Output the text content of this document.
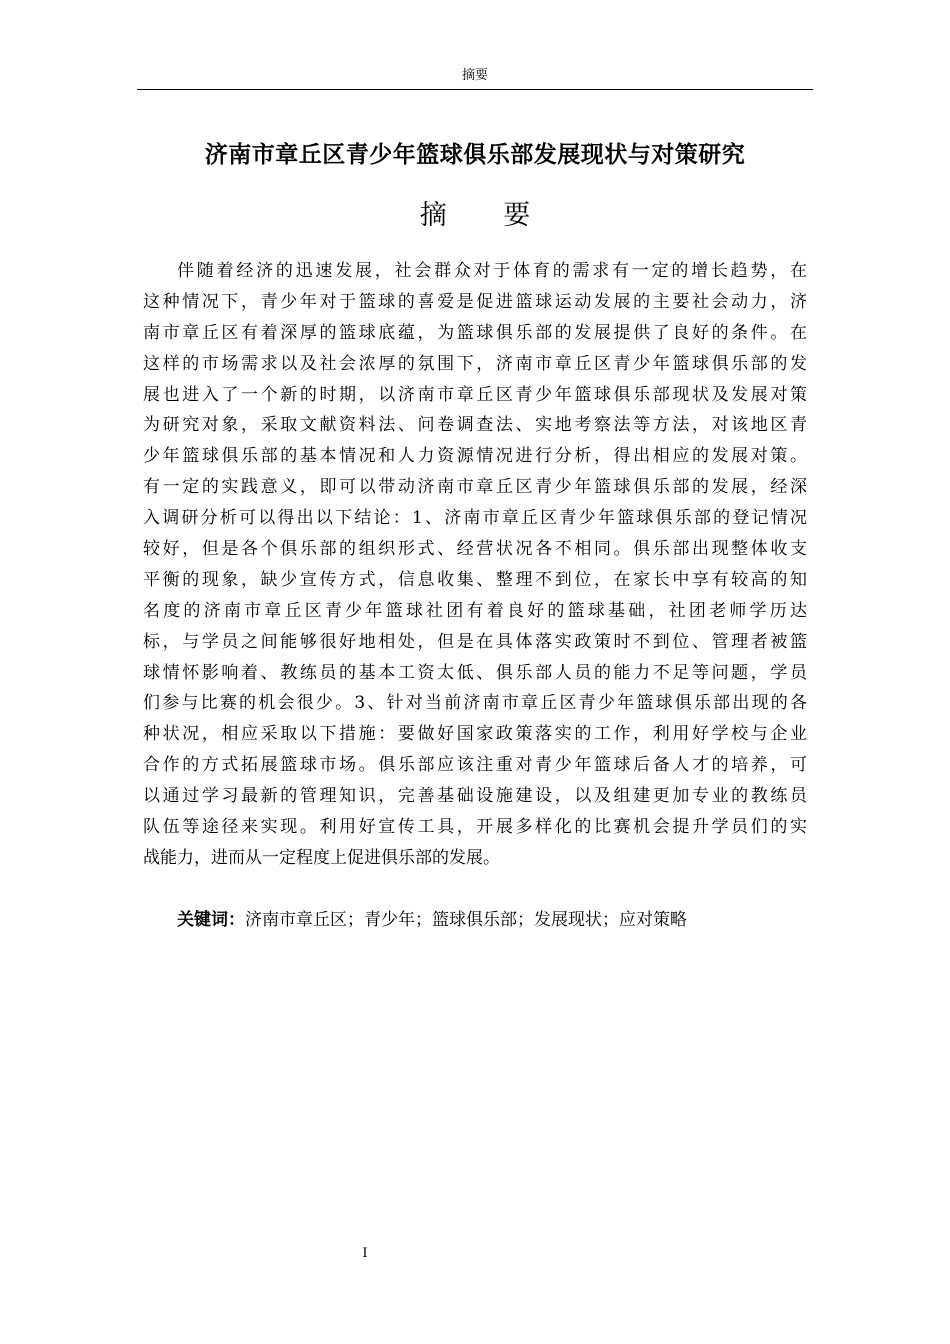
摘要
济南市章丘区青少年篮球俱乐部发展现状与对策研究
摘 要
伴随着经济的迅速发展，社会群众对于体育的需求有一定的增长趋势，在
这种情况下，青少年对于篮球的喜爱是促进篮球运动发展的主要社会动力，济
南市章丘区有着深厚的篮球底蕴，为篮球俱乐部的发展提供了良好的条件。在
这样的市场需求以及社会浓厚的氛围下，济南市章丘区青少年篮球俱乐部的发
展也进入了一个新的时期，以济南市章丘区青少年篮球俱乐部现状及发展对策
为研究对象，采取文献资料法、问卷调查法、实地考察法等方法，对该地区青
少年篮球俱乐部的基本情况和人力资源情况进行分析，得出相应的发展对策。
有一定的实践意义，即可以带动济南市章丘区青少年篮球俱乐部的发展，经深
入调研分析可以得出以下结论：1、济南市章丘区青少年篮球俱乐部的登记情况
较好，但是各个俱乐部的组织形式、经营状况各不相同。俱乐部出现整体收支
平衡的现象，缺少宣传方式，信息收集、整理不到位，在家长中享有较高的知
名度的济南市章丘区青少年篮球社团有着良好的篮球基础，社团老师学历达
标，与学员之间能够很好地相处，但是在具体落实政策时不到位、管理者被篮
球情怀影响着、教练员的基本工资太低、俱乐部人员的能力不足等问题，学员
们参与比赛的机会很少。3、针对当前济南市章丘区青少年篮球俱乐部出现的各
种状况，相应采取以下措施：要做好国家政策落实的工作，利用好学校与企业
合作的方式拓展篮球市场。俱乐部应该注重对青少年篮球后备人才的培养，可
以通过学习最新的管理知识，完善基础设施建设，以及组建更加专业的教练员
队伍等途径来实现。利用好宣传工具，开展多样化的比赛机会提升学员们的实
战能力，进而从一定程度上促进俱乐部的发展。
关键词：济南市章丘区；青少年；篮球俱乐部；发展现状；应对策略
I
